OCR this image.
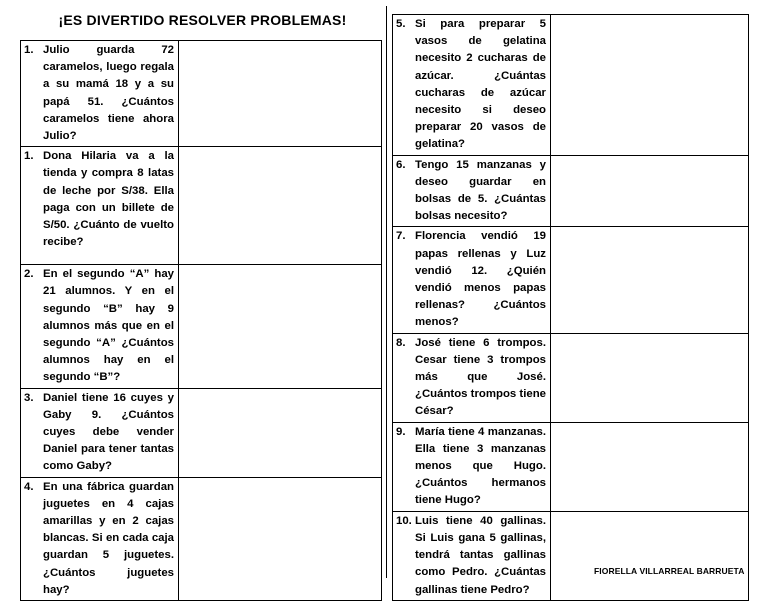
¡ES DIVERTIDO RESOLVER PROBLEMAS!
1. Julio guarda 72 caramelos, luego regala a su mamá 18 y a su papá 51. ¿Cuántos caramelos tiene ahora Julio?	

1. Dona Hilaria va a la tienda y compra 8 latas de leche por S/38. Ella paga con un billete de S/50. ¿Cuánto de vuelto recibe?	

2. En el segundo “A” hay 21 alumnos. Y en el segundo “B” hay 9 alumnos más que en el segundo “A” ¿Cuántos alumnos hay en el segundo “B”?	

3. Daniel tiene 16 cuyes y Gaby 9. ¿Cuántos cuyes debe vender Daniel para tener tantas como Gaby?	

4. En una fábrica guardan juguetes en 4 cajas amarillas y en 2 cajas blancas. Si en cada caja guardan 5 juguetes. ¿Cuántos juguetes hay?	

5. Si para preparar 5 vasos de gelatina necesito 2 cucharas de azúcar. ¿Cuántas cucharas de azúcar necesito si deseo preparar 20 vasos de gelatina?	

6. Tengo 15 manzanas y deseo guardar en bolsas de 5. ¿Cuántas bolsas necesito?	

7. Florencia vendió 19 papas rellenas y Luz vendió 12. ¿Quién vendió menos papas rellenas? ¿Cuántos menos?	

8. José tiene 6 trompos. Cesar tiene 3 trompos más que José. ¿Cuántos trompos tiene César?	

9. María tiene 4 manzanas. Ella tiene 3 manzanas menos que Hugo. ¿Cuántos hermanos tiene Hugo?	

10. Luis tiene 40 gallinas. Si Luis gana 5 gallinas, tendrá tantas gallinas como Pedro. ¿Cuántas gallinas tiene Pedro?	

FIORELLA VILLARREAL BARRUETA
